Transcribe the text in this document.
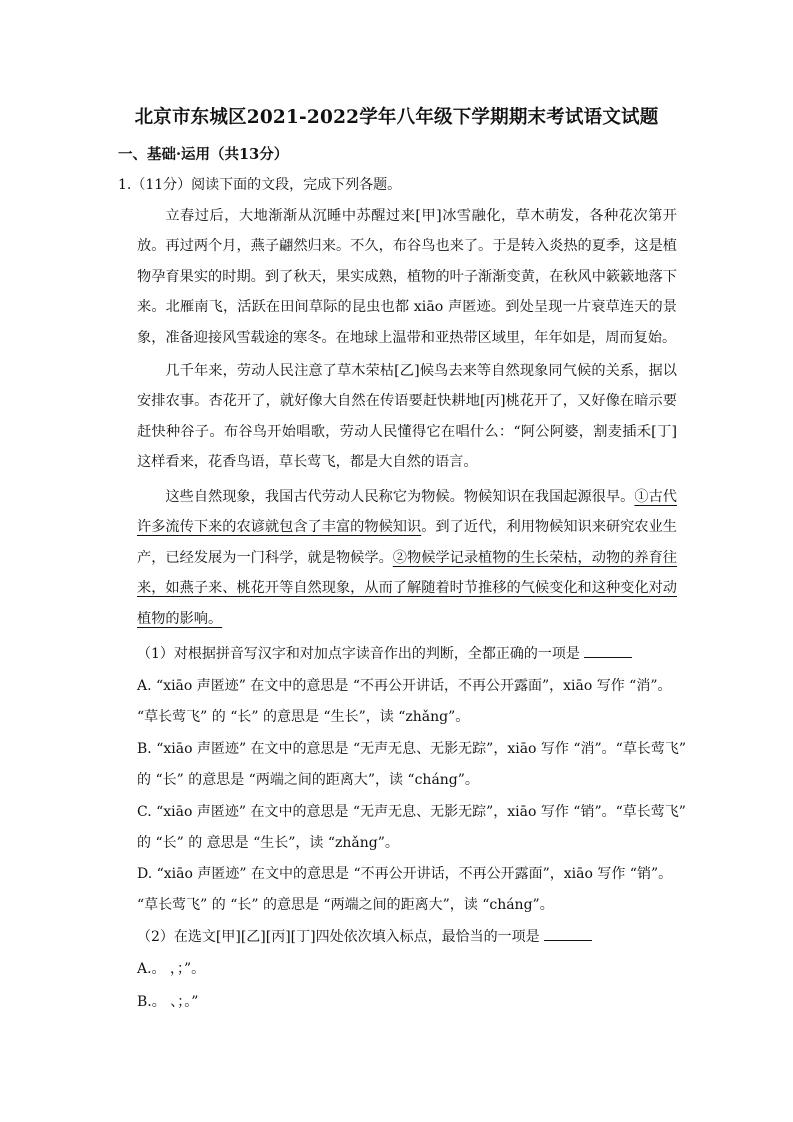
北京市东城区2021-2022学年八年级下学期期末考试语文试题
一、基础·运用（共13分）
1.（11分）阅读下面的文段，完成下列各题。

立春过后，大地渐渐从沉睡中苏醒过来[甲]冰雪融化，草木萌发，各种花次第开放。再过两个月，燕子翩然归来。不久，布谷鸟也来了。于是转入炎热的夏季，这是植物孕育果实的时期。到了秋天，果实成熟，植物的叶子渐渐变黄，在秋风中簌簌地落下来。北雁南飞，活跃在田间草际的昆虫也都 xiāo 声匿迹。到处呈现一片衰草连天的景象，准备迎接风雪载途的寒冬。在地球上温带和亚热带区域里，年年如是，周而复始。

几千年来，劳动人民注意了草木荣枯[乙]候鸟去来等自然现象同气候的关系，据以安排农事。杏花开了，就好像大自然在传语要赶快耕地[丙]桃花开了，又好像在暗示要赶快种谷子。布谷鸟开始唱歌，劳动人民懂得它在唱什么：“阿公阿婆，割麦插禾[丁]这样看来，花香鸟语，草长莺飞，都是大自然的语言。

这些自然现象，我国古代劳动人民称它为物候。物候知识在我国起源很早。①古代许多流传下来的农谚就包含了丰富的物候知识。到了近代，利用物候知识来研究农业生产，已经发展为一门科学，就是物候学。②物候学记录植物的生长荣枯，动物的养育往来，如燕子来、桃花开等自然现象，从而了解随着时节推移的气候变化和这种变化对动植物的影响。

（1）对根据拼音写汉字和对加点字读音作出的判断，全都正确的一项是
A. “xiāo 声匿迹” 在文中的意思是 “不再公开讲话，不再公开露面”，xiāo 写作 “消”。
“草长莺飞” 的 “长” 的意思是 “生长”，读 “zhǎng”。
B. “xiāo 声匿迹” 在文中的意思是 “无声无息、无影无踪”，xiāo 写作 “消”。“草长莺飞”
的 “长” 的意思是 “两端之间的距离大”，读 “cháng”。
C. “xiāo 声匿迹” 在文中的意思是 “无声无息、无影无踪”，xiāo 写作 “销”。“草长莺飞”
的 “长” 的 意思是 “生长”，读 “zhǎng”。
D. “xiāo 声匿迹” 在文中的意思是 “不再公开讲话，不再公开露面”，xiāo 写作 “销”。
“草长莺飞” 的 “长” 的意思是 “两端之间的距离大”，读 “cháng”。
（2）在选文[甲][乙][丙][丁]四处依次填入标点，最恰当的一项是
A.。 ，；”。
B.。 、；。”
